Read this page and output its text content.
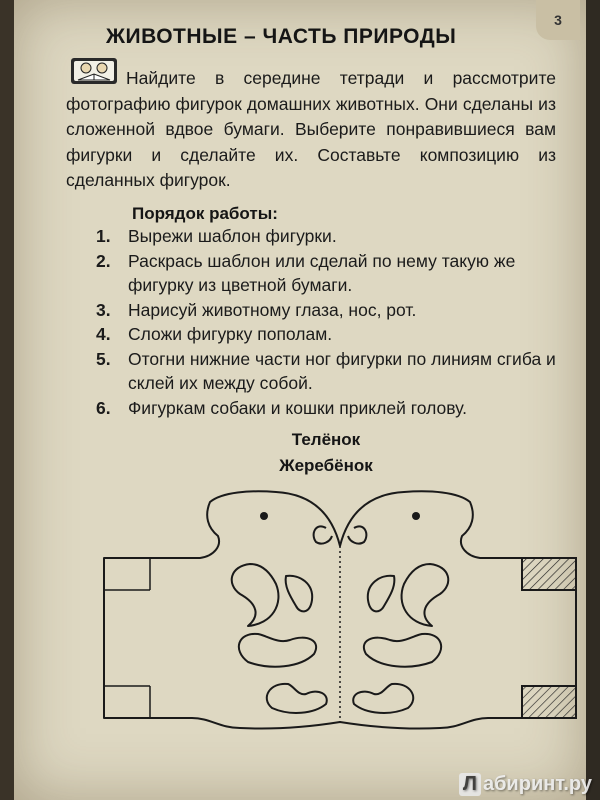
3
ЖИВОТНЫЕ – ЧАСТЬ ПРИРОДЫ
Найдите в середине тетради и рассмотрите фотографию фигурок домашних животных. Они сделаны из сложенной вдвое бумаги. Выберите понравившиеся вам фигурки и сделайте их. Составьте композицию из сделанных фигурок.
Порядок работы:
1. Вырежи шаблон фигурки.
2. Раскрась шаблон или сделай по нему такую же фигурку из цветной бумаги.
3. Нарисуй животному глаза, нос, рот.
4. Сложи фигурку пополам.
5. Отогни нижние части ног фигурки по линиям сгиба и склей их между собой.
6. Фигуркам собаки и кошки приклей голову.
Телёнок
Жеребёнок
Л абиринт.ру
